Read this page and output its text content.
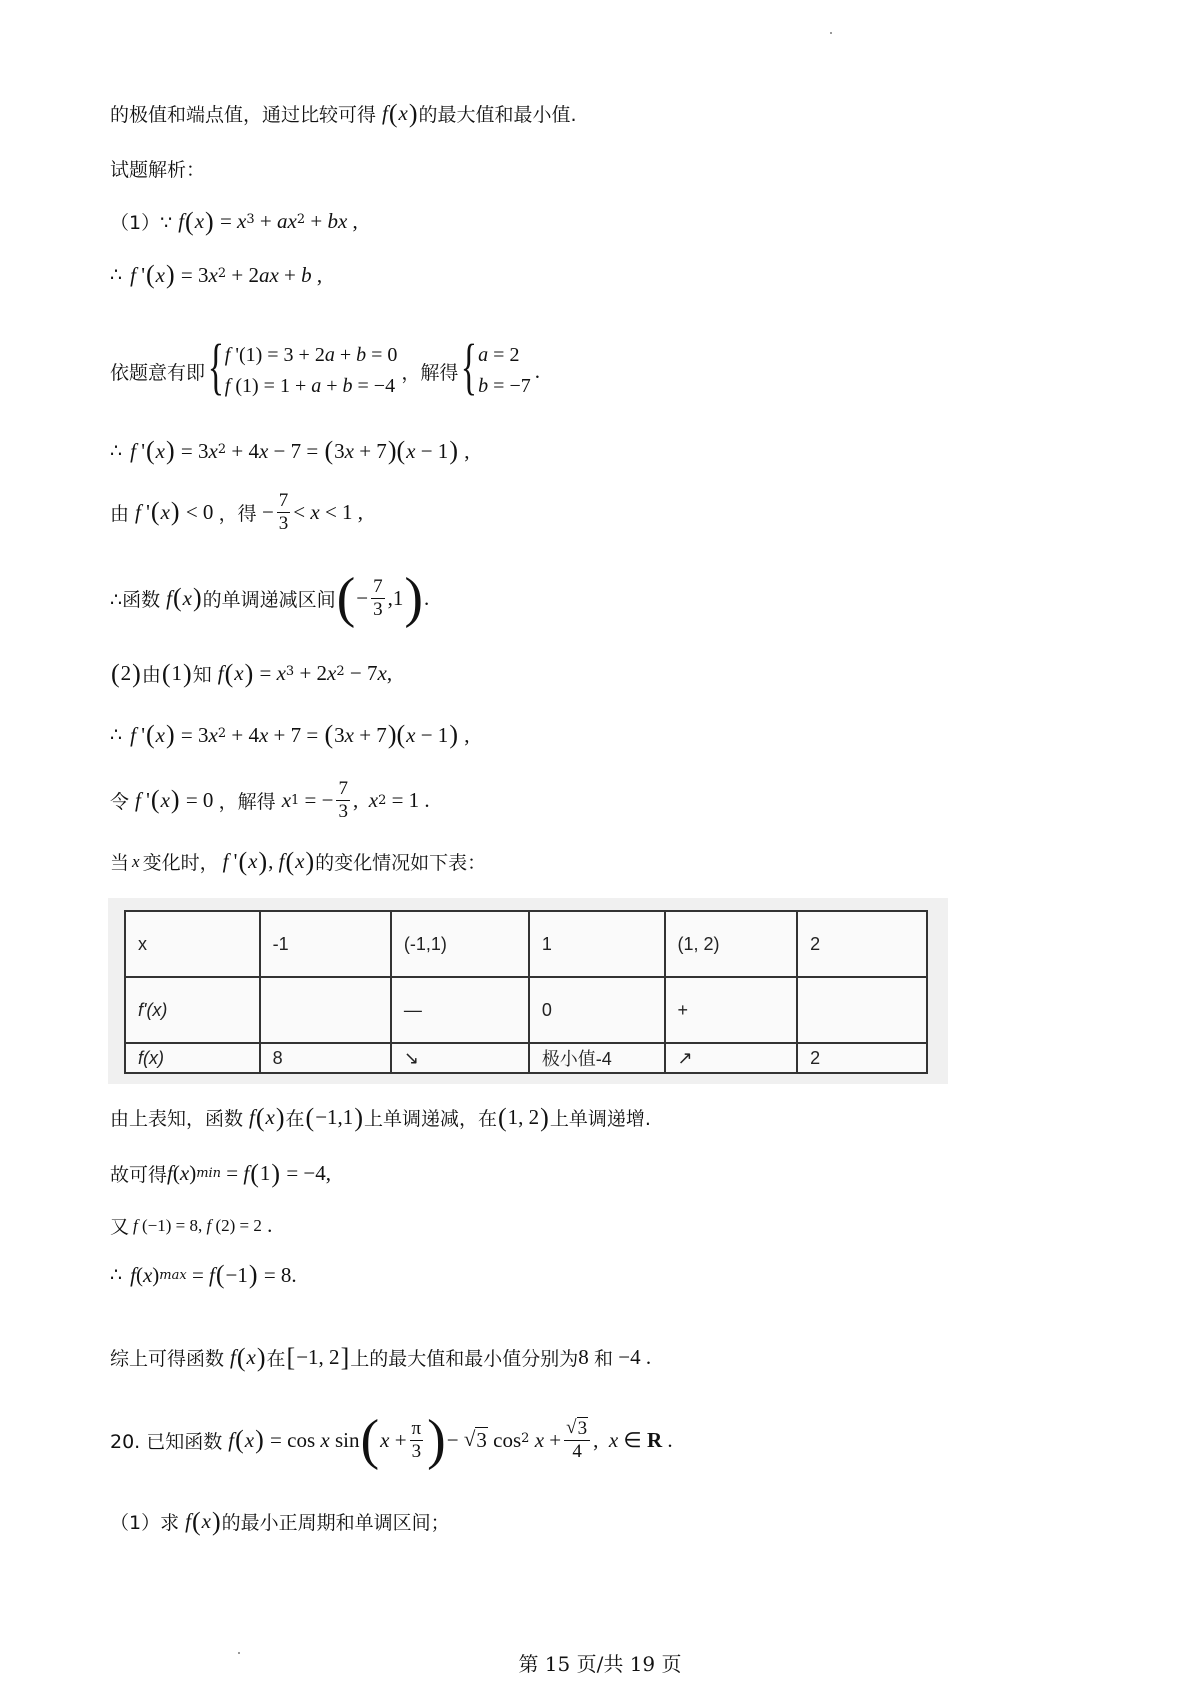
的极值和端点值，通过比较可得 f ( x ) 的最大值和最小值.
试题解析：
（1）∵ f ( x ) = $x^3 + ax^2$ + bx ,
∴ f ' ( x ) = 3 $x^2 + 2$ ax + b ,
依题意有即 { f '(1) = 3 + 2a + b = 0
f (1) = 1 + a + b = −4
，解得 { a = 2
b = −7
.
∴ f ' ( x ) = 3 $x^2 + 4$ x − 7 = ( 3 x + 7 )( x − 1 ) ,
由 f ' ( x ) < 0 ，得 − $\frac{7}{3} < x < 1$ ,
∴函数 f ( x ) 的单调递减区间 ( − $\frac{7}{3} ,1$ ) .
( 2 ) 由 ( 1 ) 知 f ( x ) = $x^3 + 2$ $x^2 - 7$ x ,
∴ f ' ( x ) = 3 $x^2 + 4$ x + 7 = ( 3 x + 7 )( x − 1 ) ,
令 f ' ( x ) = 0 ，解得 x 1 = − $\frac{7}{3}$ , x 2 = 1 .
当 x 变化时， f ' ( x ) , f ( x ) 的变化情况如下表：
x	-1	(-1,1)	1	(1, 2)	2
f'(x)		—	0	+	
f(x)	8	↘	极小值-4	↗	2
由上表知，函数 f ( x ) 在 ( −1,1 ) 上单调递减，在 ( 1, 2 ) 上单调递增.
故可得 f ( x ) min = f ( 1 ) = −4,
又 f (−1) = 8, f (2) = 2 .
∴ f ( x ) max = f ( −1 ) = 8.
综上可得函数 f ( x ) 在 [ −1, 2 ] 上的最大值和最小值分别为 8 和 −4 .
20. 已知函数 f ( x ) = cos x sin ( $x + \frac{\pi}{3}$ ) − √ 3 $\cos^2 x + \frac{√ 3}{4}$ , x ∈ R .
（1）求 f ( x ) 的最小正周期和单调区间；
第 15 页/共 19 页
